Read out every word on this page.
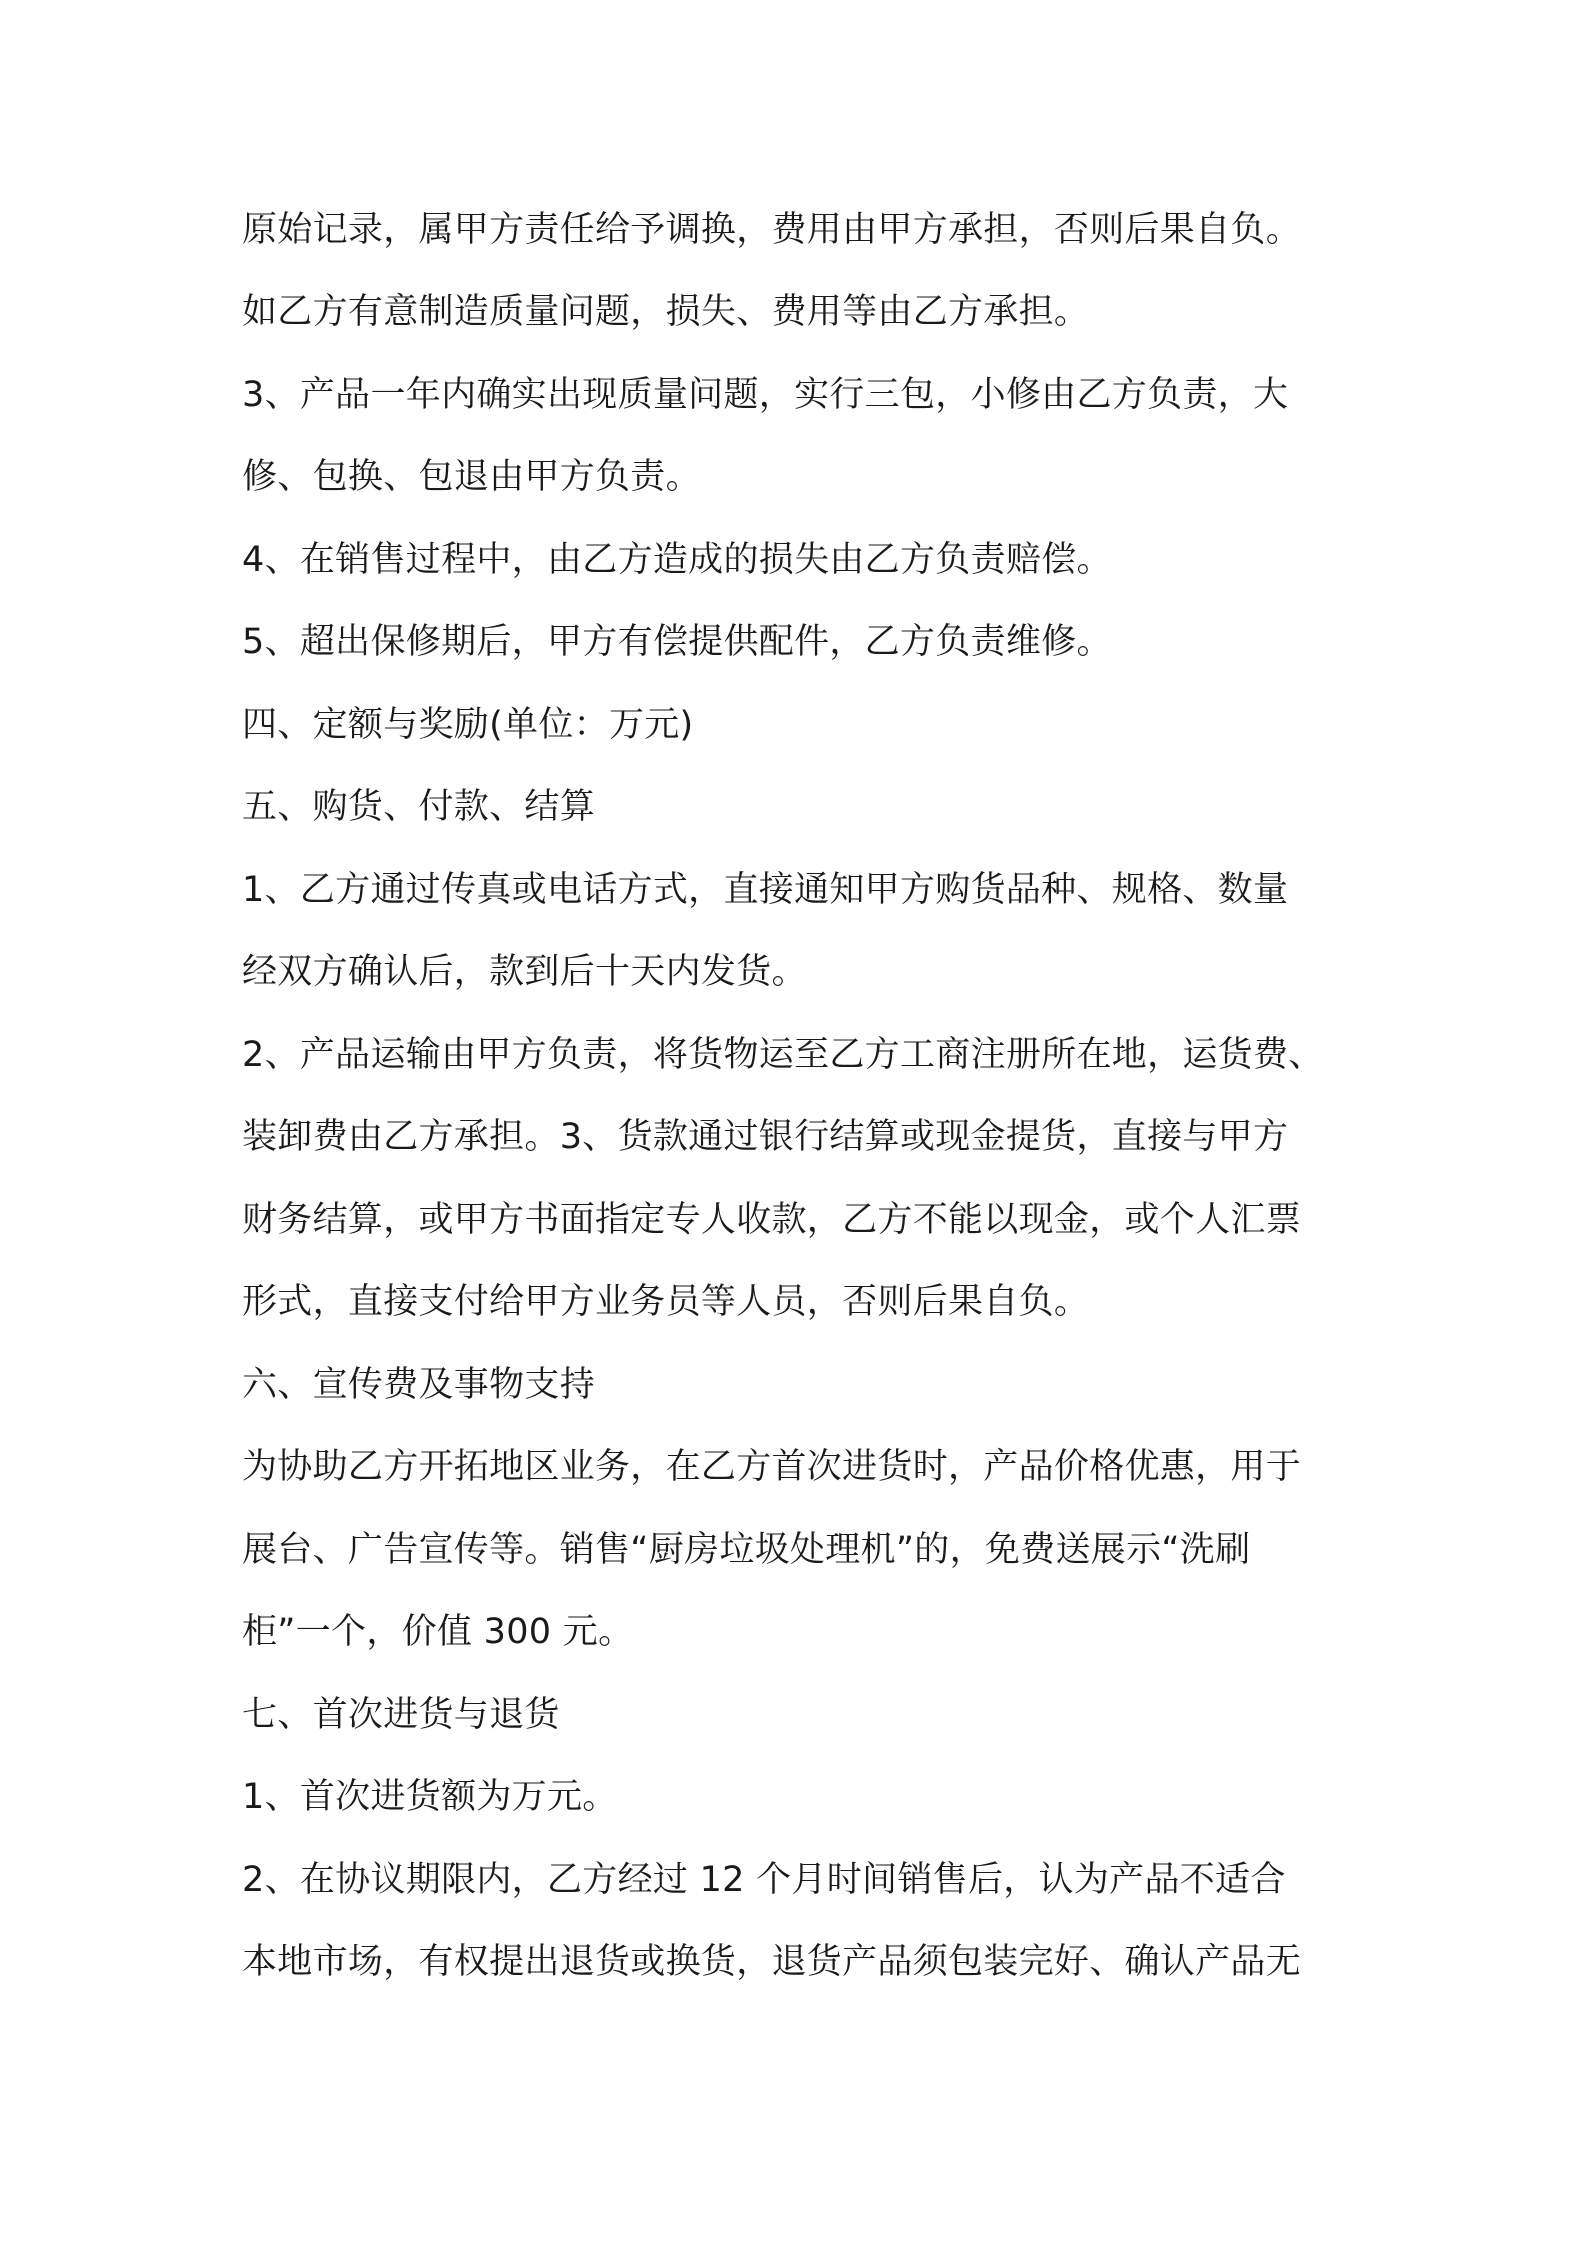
原始记录，属甲方责任给予调换，费用由甲方承担，否则后果自负。
如乙方有意制造质量问题，损失、费用等由乙方承担。
3、产品一年内确实出现质量问题，实行三包，小修由乙方负责，大
修、包换、包退由甲方负责。
4、在销售过程中，由乙方造成的损失由乙方负责赔偿。
5、超出保修期后，甲方有偿提供配件，乙方负责维修。
四、定额与奖励(单位：万元)
五、购货、付款、结算
1、乙方通过传真或电话方式，直接通知甲方购货品种、规格、数量
经双方确认后，款到后十天内发货。
2、产品运输由甲方负责，将货物运至乙方工商注册所在地，运货费、
装卸费由乙方承担。3、货款通过银行结算或现金提货，直接与甲方
财务结算，或甲方书面指定专人收款，乙方不能以现金，或个人汇票
形式，直接支付给甲方业务员等人员，否则后果自负。
六、宣传费及事物支持
为协助乙方开拓地区业务，在乙方首次进货时，产品价格优惠，用于
展台、广告宣传等。销售“厨房垃圾处理机”的，免费送展示“洗刷
柜”一个，价值 300 元。
七、首次进货与退货
1、首次进货额为万元。
2、在协议期限内，乙方经过 12 个月时间销售后，认为产品不适合
本地市场，有权提出退货或换货，退货产品须包装完好、确认产品无
